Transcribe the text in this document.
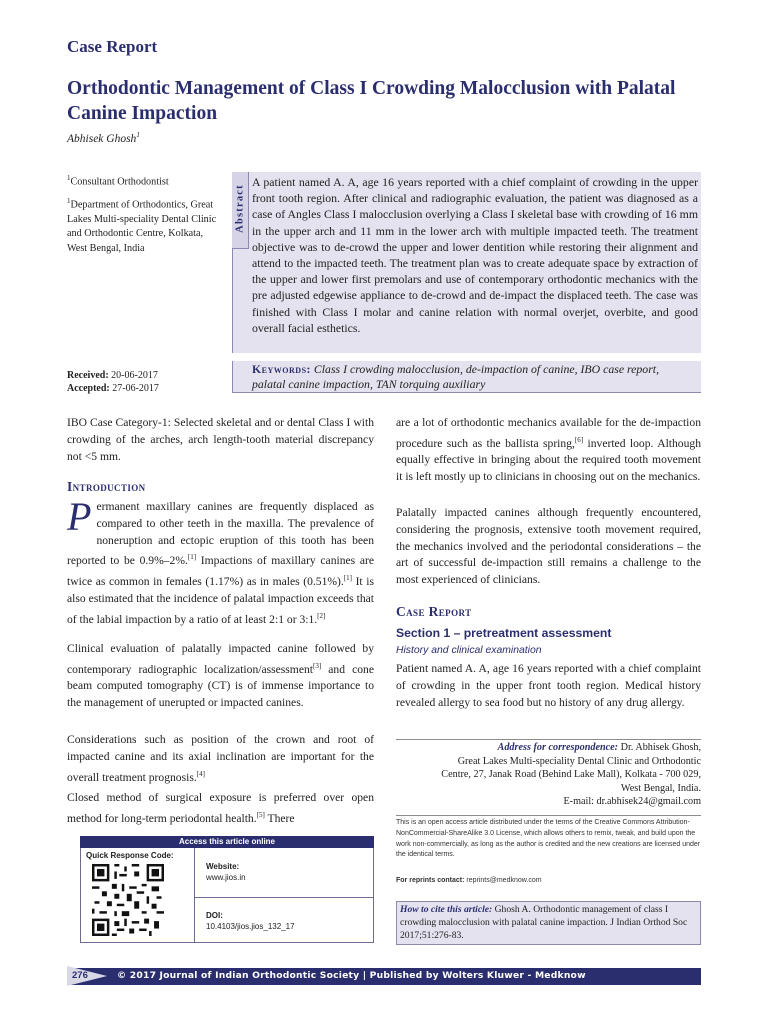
Case Report
Orthodontic Management of Class I Crowding Malocclusion with Palatal Canine Impaction
Abhisek Ghosh$^1$
$^1$Consultant Orthodontist
$^1$Department of Orthodontics, Great Lakes Multi-speciality Dental Clinic and Orthodontic Centre, Kolkata, West Bengal, India
Received: 20-06-2017
Accepted: 27-06-2017
Abstract
A patient named A. A, age 16 years reported with a chief complaint of crowding in the upper front tooth region. After clinical and radiographic evaluation, the patient was diagnosed as a case of Angles Class I malocclusion overlying a Class I skeletal base with crowding of 16 mm in the upper arch and 11 mm in the lower arch with multiple impacted teeth. The treatment objective was to de-crowd the upper and lower dentition while restoring their alignment and attend to the impacted teeth. The treatment plan was to create adequate space by extraction of the upper and lower first premolars and use of contemporary orthodontic mechanics with the pre adjusted edgewise appliance to de-crowd and de-impact the displaced teeth. The case was finished with Class I molar and canine relation with normal overjet, overbite, and good overall facial esthetics.
Keywords: Class I crowding malocclusion, de-impaction of canine, IBO case report, palatal canine impaction, TAN torquing auxiliary
IBO Case Category-1: Selected skeletal and or dental Class I with crowding of the arches, arch length-tooth material discrepancy not <5 mm.
Introduction
Permanent maxillary canines are frequently displaced as compared to other teeth in the maxilla. The prevalence of noneruption and ectopic eruption of this tooth has been reported to be 0.9%–2%.[1] Impactions of maxillary canines are twice as common in females (1.17%) as in males (0.51%).[1] It is also estimated that the incidence of palatal impaction exceeds that of the labial impaction by a ratio of at least 2:1 or 3:1.[2]
Clinical evaluation of palatally impacted canine followed by contemporary radiographic localization/assessment[3] and cone beam computed tomography (CT) is of immense importance to the management of unerupted or impacted canines.
Considerations such as position of the crown and root of impacted canine and its axial inclination are important for the overall treatment prognosis.[4]
Closed method of surgical exposure is preferred over open method for long-term periodontal health.[5] There
Access this article online
Quick Response Code:
Website:
www.jios.in
DOI:
10.4103/jios.jios_132_17
are a lot of orthodontic mechanics available for the de-impaction procedure such as the ballista spring,[6] inverted loop. Although equally effective in bringing about the required tooth movement it is left mostly up to clinicians in choosing out on the mechanics.
Palatally impacted canines although frequently encountered, considering the prognosis, extensive tooth movement required, the mechanics involved and the periodontal considerations – the art of successful de-impaction still remains a challenge to the most experienced of clinicians.
Case Report
Section 1 – pretreatment assessment
History and clinical examination
Patient named A. A, age 16 years reported with a chief complaint of crowding in the upper front tooth region. Medical history revealed allergy to sea food but no history of any drug allergy.
Address for correspondence: Dr. Abhisek Ghosh,
Great Lakes Multi-speciality Dental Clinic and Orthodontic
Centre, 27, Janak Road (Behind Lake Mall), Kolkata - 700 029,
West Bengal, India.
E-mail: dr.abhisek24@gmail.com
This is an open access article distributed under the terms of the Creative Commons Attribution-NonCommercial-ShareAlike 3.0 License, which allows others to remix, tweak, and build upon the work non-commercially, as long as the author is credited and the new creations are licensed under the identical terms.
For reprints contact: reprints@medknow.com
How to cite this article: Ghosh A. Orthodontic management of class I crowding malocclusion with palatal canine impaction. J Indian Orthod Soc 2017;51:276-83.
276	© 2017 Journal of Indian Orthodontic Society | Published by Wolters Kluwer - Medknow
